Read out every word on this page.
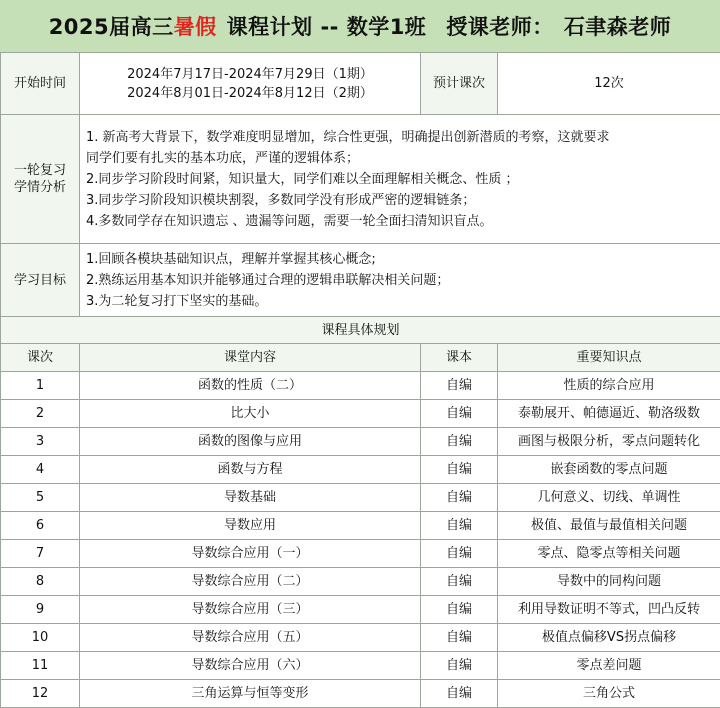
2025届高三 暑假 课程计划 -- 数学1班 授课老师： 石聿森老师
开始时间	2024年7月17日-2024年7月29日（1期）
2024年8月01日-2024年8月12日（2期）	预计课次	12次

一轮复习
学情分析	1. 新高考大背景下，数学难度明显增加，综合性更强，明确提出创新潜质的考察，这就要求
同学们要有扎实的基本功底，严谨的逻辑体系；
2.同步学习阶段时间紧，知识量大，同学们难以全面理解相关概念、性质 ；
3.同步学习阶段知识模块割裂，多数同学没有形成严密的逻辑链条；
4.多数同学存在知识遗忘 、遗漏等问题，需要一轮全面扫清知识盲点。		

学习目标	1.回顾各模块基础知识点，理解并掌握其核心概念;
2.熟练运用基本知识并能够通过合理的逻辑串联解决相关问题；
3.为二轮复习打下坚实的基础。		

课程具体规划			
课次	课堂内容	课本	重要知识点
1	函数的性质（二）	自编	性质的综合应用
2	比大小	自编	泰勒展开、帕德逼近、勒洛级数
3	函数的图像与应用	自编	画图与极限分析，零点问题转化
4	函数与方程	自编	嵌套函数的零点问题
5	导数基础	自编	几何意义、切线、单调性
6	导数应用	自编	极值、最值与最值相关问题
7	导数综合应用（一）	自编	零点、隐零点等相关问题
8	导数综合应用（二）	自编	导数中的同构问题
9	导数综合应用（三）	自编	利用导数证明不等式，凹凸反转
10	导数综合应用（五）	自编	极值点偏移VS拐点偏移
11	导数综合应用（六）	自编	零点差问题
12	三角运算与恒等变形	自编	三角公式
